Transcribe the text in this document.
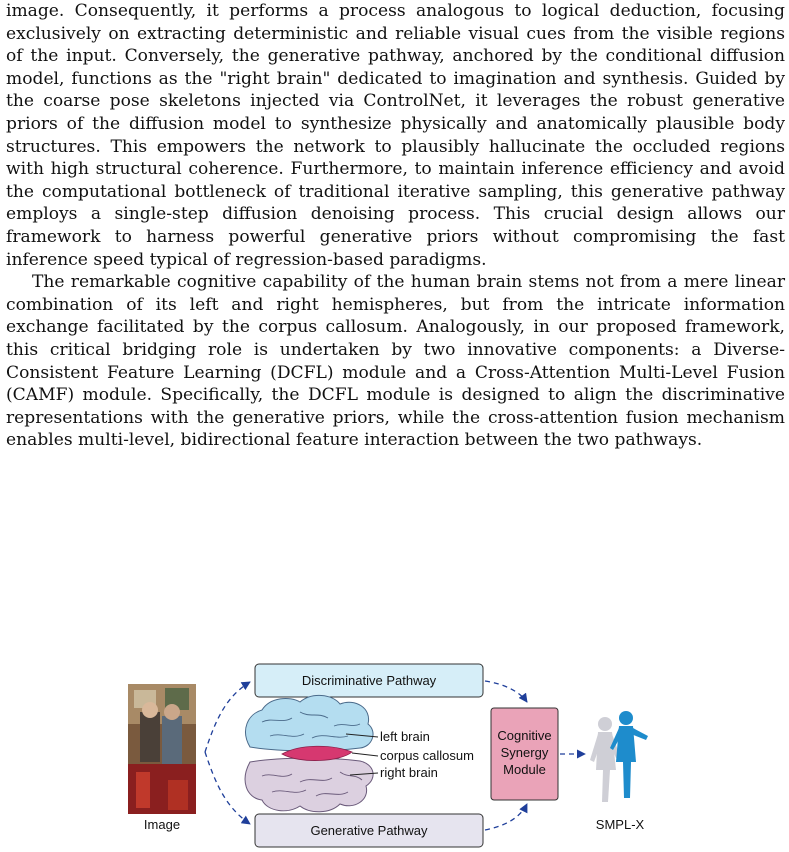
image. Consequently, it performs a process analogous to logical deduction, focusing exclusively on extracting deterministic and reliable visual cues from the visible regions of the input. Conversely, the generative pathway, anchored by the conditional diffusion model, functions as the "right brain" dedicated to imagination and synthesis. Guided by the coarse pose skeletons injected via ControlNet, it leverages the robust generative priors of the diffusion model to synthesize physically and anatomically plausible body structures. This empowers the network to plausibly hallucinate the occluded regions with high structural coherence. Furthermore, to maintain inference efficiency and avoid the computational bottleneck of traditional iterative sampling, this generative pathway employs a single-step diffusion denoising process. This crucial design allows our framework to harness powerful generative priors without compromising the fast inference speed typical of regression-based paradigms.

The remarkable cognitive capability of the human brain stems not from a mere linear combination of its left and right hemispheres, but from the intricate information exchange facilitated by the corpus callosum. Analogously, in our proposed framework, this critical bridging role is undertaken by two innovative components: a Diverse-Consistent Feature Learning (DCFL) module and a Cross-Attention Multi-Level Fusion (CAMF) module. Specifically, the DCFL module is designed to align the discriminative representations with the generative priors, while the cross-attention fusion mechanism enables multi-level, bidirectional feature interaction between the two pathways.

Image
Discriminative Pathway
Generative Pathway
left brain
corpus callosum
right brain
Cognitive
Synergy
Module
SMPL-X
